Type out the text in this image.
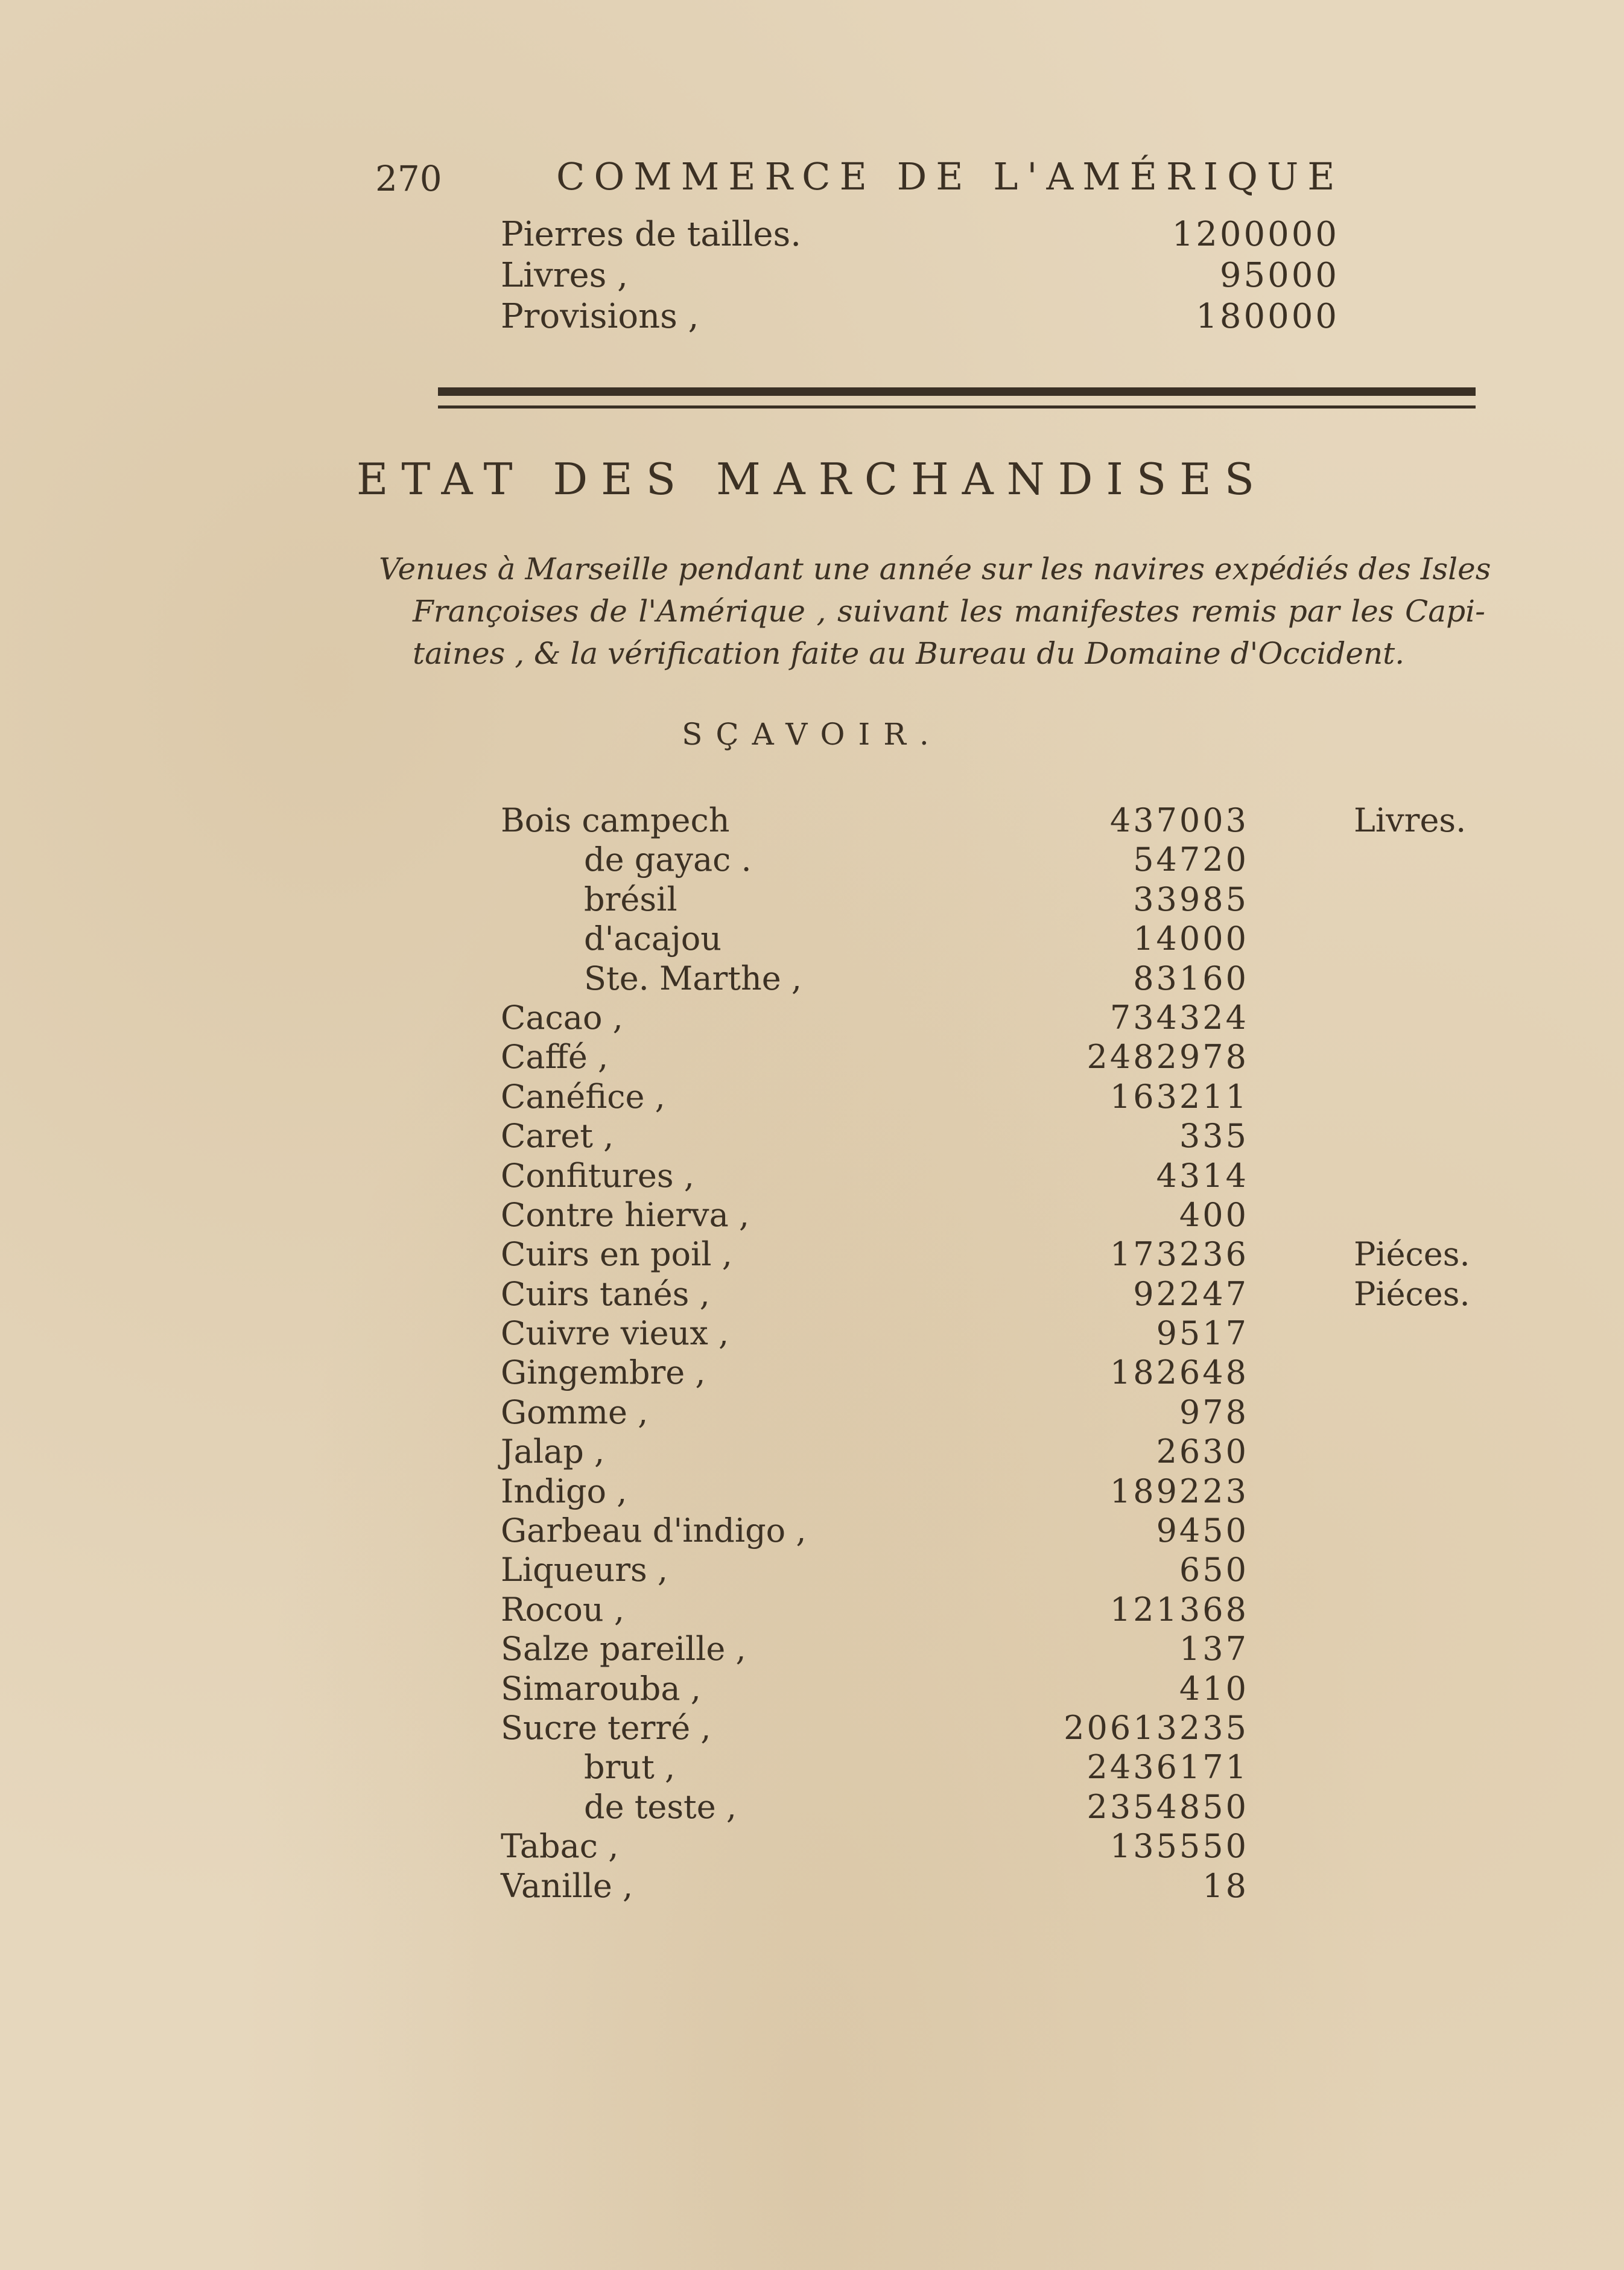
270	COMMERCE DE L'AMÉRIQUE
Pierres de tailles.	1200000
Livres ,	95000
Provisions ,	180000
ETAT DES MARCHANDISES
Venues à Marseille pendant une année sur les navires expédiés des Isles
Françoises de l'Amérique , suivant les manifestes remis par les Capi-
taines , & la vérification faite au Bureau du Domaine d'Occident.
SÇAVOIR.
Bois campech	437003	Livres.
de gayac .	54720
brésil	33985
d'acajou	14000
Ste. Marthe ,	83160
Cacao ,	734324
Caffé ,	2482978
Canéfice ,	163211
Caret ,	335
Confitures ,	4314
Contre hierva ,	400
Cuirs en poil ,	173236	Piéces.
Cuirs tanés ,	92247	Piéces.
Cuivre vieux ,	9517
Gingembre ,	182648
Gomme ,	978
Jalap ,	2630
Indigo ,	189223
Garbeau d'indigo ,	9450
Liqueurs ,	650
Rocou ,	121368
Salze pareille ,	137
Simarouba ,	410
Sucre terré ,	20613235
brut ,	2436171
de teste ,	2354850
Tabac ,	135550
Vanille ,	18
